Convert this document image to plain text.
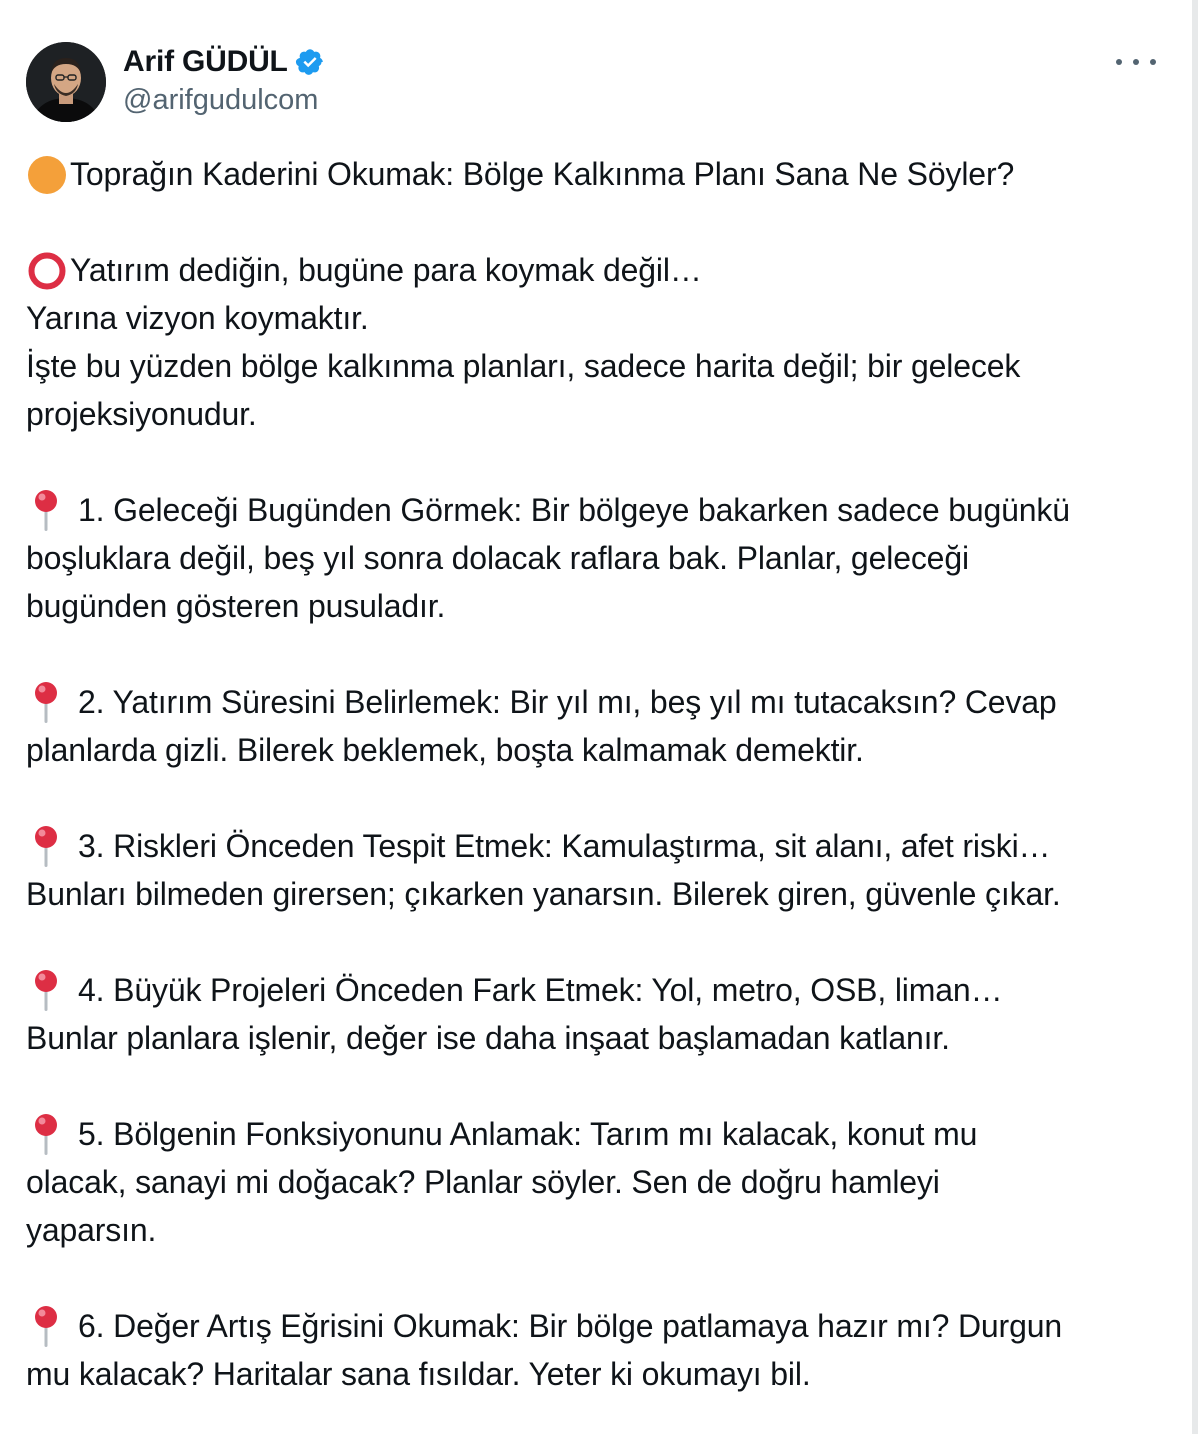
Arif GÜDÜL
@arifgudulcom
Toprağın Kaderini Okumak: Bölge Kalkınma Planı Sana Ne Söyler?
Yatırım dediğin, bugüne para koymak değil…
Yarına vizyon koymaktır.
İşte bu yüzden bölge kalkınma planları, sadece harita değil; bir gelecek
projeksiyonudur.
1. Geleceği Bugünden Görmek: Bir bölgeye bakarken sadece bugünkü
boşluklara değil, beş yıl sonra dolacak raflara bak. Planlar, geleceği
bugünden gösteren pusuladır.
2. Yatırım Süresini Belirlemek: Bir yıl mı, beş yıl mı tutacaksın? Cevap
planlarda gizli. Bilerek beklemek, boşta kalmamak demektir.
3. Riskleri Önceden Tespit Etmek: Kamulaştırma, sit alanı, afet riski…
Bunları bilmeden girersen; çıkarken yanarsın. Bilerek giren, güvenle çıkar.
4. Büyük Projeleri Önceden Fark Etmek: Yol, metro, OSB, liman…
Bunlar planlara işlenir, değer ise daha inşaat başlamadan katlanır.
5. Bölgenin Fonksiyonunu Anlamak: Tarım mı kalacak, konut mu
olacak, sanayi mi doğacak? Planlar söyler. Sen de doğru hamleyi
yaparsın.
6. Değer Artış Eğrisini Okumak: Bir bölge patlamaya hazır mı? Durgun
mu kalacak? Haritalar sana fısıldar. Yeter ki okumayı bil.
